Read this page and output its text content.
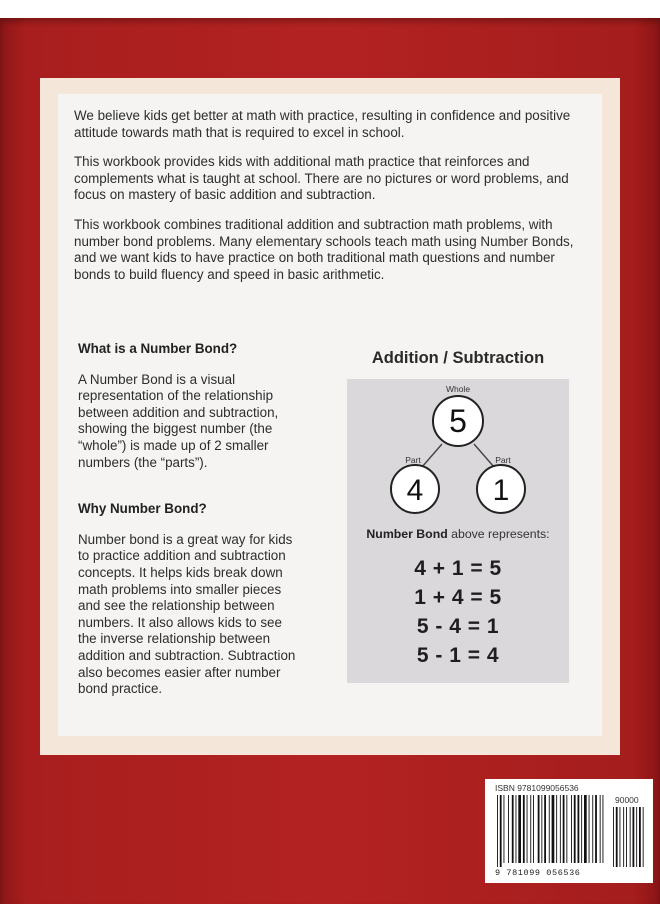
We believe kids get better at math with practice, resulting in confidence and positive attitude towards math that is required to excel in school.

This workbook provides kids with additional math practice that reinforces and complements what is taught at school. There are no pictures or word problems, and focus on mastery of basic addition and subtraction.

This workbook combines traditional addition and subtraction math problems, with number bond problems. Many elementary schools teach math using Number Bonds, and we want kids to have practice on both traditional math questions and number bonds to build fluency and speed in basic arithmetic.

What is a Number Bond?

A Number Bond is a visual representation of the relationship between addition and subtraction, showing the biggest number (the “whole”) is made up of 2 smaller numbers (the “parts”).

Why Number Bond?

Number bond is a great way for kids to practice addition and subtraction concepts. It helps kids break down math problems into smaller pieces and see the relationship between numbers. It also allows kids to see the inverse relationship between addition and subtraction. Subtraction also becomes easier after number bond practice.

Addition / Subtraction
Whole
5
Part	Part
4 1
Number Bond above represents:
4 + 1 = 5
1 + 4 = 5
5 - 4 = 1
5 - 1 = 4
ISBN 9781099056536
90000
9 781099 056536
